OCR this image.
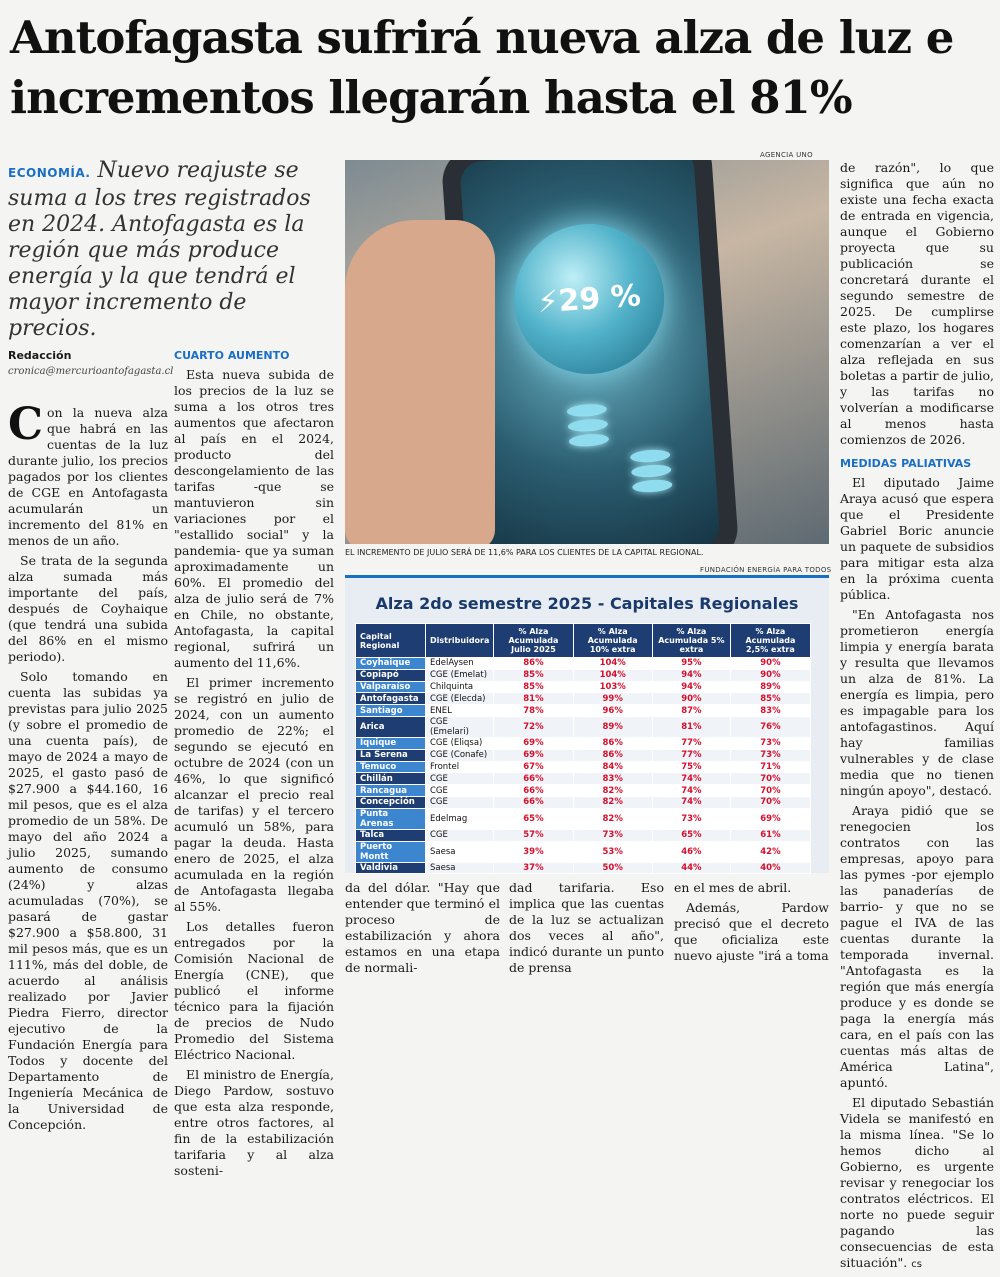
Antofagasta sufrirá nueva alza de luz e incrementos llegarán hasta el 81%
ECONOMÍA. Nuevo reajuste se suma a los tres registrados en 2024. Antofagasta es la región que más produce energía y la que tendrá el mayor incremento de precios.
Redacción
cronica@mercurioantofagasta.cl

Con la nueva alza que habrá en las cuentas de la luz durante julio, los precios pagados por los clientes de CGE en Antofagasta acumularán un incremento del 81% en menos de un año.

Se trata de la segunda alza sumada más importante del país, después de Coyhaique (que tendrá una subida del 86% en el mismo periodo).

Solo tomando en cuenta las subidas ya previstas para julio 2025 (y sobre el promedio de una cuenta país), de mayo de 2024 a mayo de 2025, el gasto pasó de $27.900 a $44.160, 16 mil pesos, que es el alza promedio de un 58%. De mayo del año 2024 a julio 2025, sumando aumento de consumo (24%) y alzas acumuladas (70%), se pasará de gastar $27.900 a $58.800, 31 mil pesos más, que es un 111%, más del doble, de acuerdo al análisis realizado por Javier Piedra Fierro, director ejecutivo de la Fundación Energía para Todos y docente del Departamento de Ingeniería Mecánica de la Universidad de Concepción.

CUARTO AUMENTO

Esta nueva subida de los precios de la luz se suma a los otros tres aumentos que afectaron al país en el 2024, producto del descongelamiento de las tarifas -que se mantuvieron sin variaciones por el "estallido social" y la pandemia- que ya suman aproximadamente un 60%. El promedio del alza de julio será de 7% en Chile, no obstante, Antofagasta, la capital regional, sufrirá un aumento del 11,6%.

El primer incremento se registró en julio de 2024, con un aumento promedio de 22%; el segundo se ejecutó en octubre de 2024 (con un 46%, lo que significó alcanzar el precio real de tarifas) y el tercero acumuló un 58%, para pagar la deuda. Hasta enero de 2025, el alza acumulada en la región de Antofagasta llegaba al 55%.

Los detalles fueron entregados por la Comisión Nacional de Energía (CNE), que publicó el informe técnico para la fijación de precios de Nudo Promedio del Sistema Eléctrico Nacional.

El ministro de Energía, Diego Pardow, sostuvo que esta alza responde, entre otros factores, al fin de la estabilización tarifaria y al alza sosteni-

AGENCIA UNO
⚡29 %
EL INCREMENTO DE JULIO SERÁ DE 11,6% PARA LOS CLIENTES DE LA CAPITAL REGIONAL.
FUNDACIÓN ENERGÍA PARA TODOS
Alza 2do semestre 2025 - Capitales Regionales
Capital Regional	Distribuidora	% Alza Acumulada Julio 2025	% Alza Acumulada 10% extra	% Alza Acumulada 5% extra	% Alza Acumulada 2,5% extra
Coyhaique	EdelAysen	86%	104%	95%	90%
Copiapó	CGE (Emelat)	85%	104%	94%	90%
Valparaíso	Chilquinta	85%	103%	94%	89%
Antofagasta	CGE (Elecda)	81%	99%	90%	85%
Santiago	ENEL	78%	96%	87%	83%
Arica	CGE (Emelari)	72%	89%	81%	76%
Iquique	CGE (Eliqsa)	69%	86%	77%	73%
La Serena	CGE (Conafe)	69%	86%	77%	73%
Temuco	Frontel	67%	84%	75%	71%
Chillán	CGE	66%	83%	74%	70%
Rancagua	CGE	66%	82%	74%	70%
Concepción	CGE	66%	82%	74%	70%
Punta Arenas	Edelmag	65%	82%	73%	69%
Talca	CGE	57%	73%	65%	61%
Puerto Montt	Saesa	39%	53%	46%	42%
Valdivia	Saesa	37%	50%	44%	40%

da del dólar. "Hay que entender que terminó el proceso de estabilización y ahora estamos en una etapa de normali-

dad tarifaria. Eso implica que las cuentas de la luz se actualizan dos veces al año", indicó durante un punto de prensa

en el mes de abril.

Además, Pardow precisó que el decreto que oficializa este nuevo ajuste "irá a toma

de razón", lo que significa que aún no existe una fecha exacta de entrada en vigencia, aunque el Gobierno proyecta que su publicación se concretará durante el segundo semestre de 2025. De cumplirse este plazo, los hogares comenzarían a ver el alza reflejada en sus boletas a partir de julio, y las tarifas no volverían a modificarse al menos hasta comienzos de 2026.

MEDIDAS PALIATIVAS

El diputado Jaime Araya acusó que espera que el Presidente Gabriel Boric anuncie un paquete de subsidios para mitigar esta alza en la próxima cuenta pública.

"En Antofagasta nos prometieron energía limpia y energía barata y resulta que llevamos un alza de 81%. La energía es limpia, pero es impagable para los antofagastinos. Aquí hay familias vulnerables y de clase media que no tienen ningún apoyo", destacó.

Araya pidió que se renegocien los contratos con las empresas, apoyo para las pymes -por ejemplo las panaderías de barrio- y que no se pague el IVA de las cuentas durante la temporada invernal. "Antofagasta es la región que más energía produce y es donde se paga la energía más cara, en el país con las cuentas más altas de América Latina", apuntó.

El diputado Sebastián Videla se manifestó en la misma línea. "Se lo hemos dicho al Gobierno, es urgente revisar y renegociar los contratos eléctricos. El norte no puede seguir pagando las consecuencias de esta situación". cs
